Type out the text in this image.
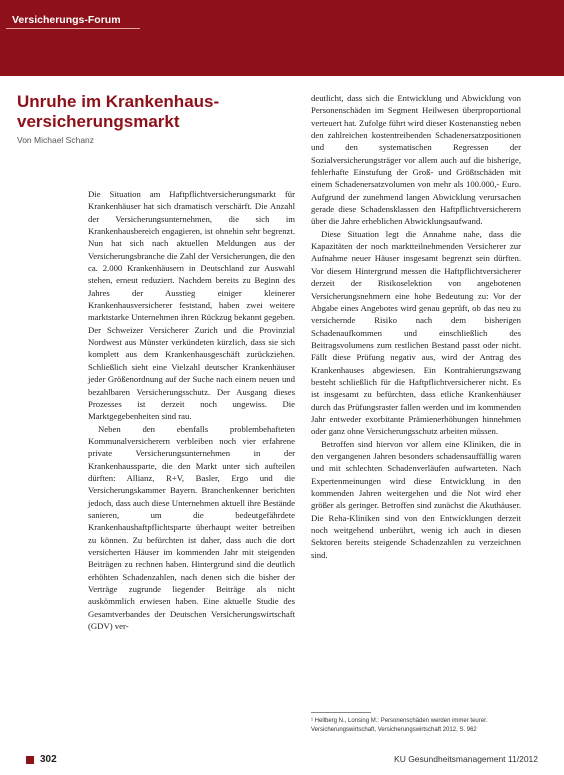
Versicherungs-Forum
Unruhe im Krankenhaus-versicherungsmarkt

Von Michael Schanz

Die Situation am Haftpflichtversicherungsmarkt für Krankenhäuser hat sich dramatisch verschärft. Die Anzahl der Versicherungsunternehmen, die sich im Krankenhausbereich engagieren, ist ohnehin sehr begrenzt. Nun hat sich nach aktuellen Meldungen aus der Versicherungsbranche die Zahl der Versicherungen, die den ca. 2.000 Krankenhäusern in Deutschland zur Auswahl stehen, erneut reduziert. Nachdem bereits zu Beginn des Jahres der Ausstieg einiger kleinerer Krankenhausversicherer feststand, haben zwei weitere marktstarke Unternehmen ihren Rückzug bekannt gegeben. Der Schweizer Versicherer Zurich und die Provinzial Nordwest aus Münster verkündeten kürzlich, dass sie sich komplett aus dem Krankenhausgeschäft zurückziehen. Schließlich sieht eine Vielzahl deutscher Krankenhäuser jeder Größenordnung auf der Suche nach einem neuen und bezahlbaren Versicherungsschutz. Der Ausgang dieses Prozesses ist derzeit noch ungewiss. Die Marktgegebenheiten sind rau.

Neben den ebenfalls problembehafteten Kommunalversicherern verbleiben noch vier erfahrene private Versicherungsunternehmen in der Krankenhaussparte, die den Markt unter sich aufteilen dürften: Allianz, R+V, Basler, Ergo und die Versicherungskammer Bayern. Branchenkenner berichten jedoch, dass auch diese Unternehmen aktuell ihre Bestände sanieren, um die bedeutgefährdete Krankenhaushaftpflichtsparte überhaupt weiter betreiben zu können. Zu befürchten ist daher, dass auch die dort versicherten Häuser im kommenden Jahr mit steigenden Beiträgen zu rechnen haben. Hintergrund sind die deutlich erhöhten Schadenzahlen, nach denen sich die bisher der Verträge zugrunde liegender Beiträge als nicht auskömmlich erwiesen haben. Eine aktuelle Studie des Gesamtverbandes der Deutschen Versicherungswirtschaft (GDV) ver-

deutlicht, dass sich die Entwicklung und Abwicklung von Personenschäden im Segment Heilwesen überproportional verteuert hat. Zufolge führt wird dieser Kostenanstieg neben den zahlreichen kostentreibenden Schadenersatzpositionen und den systematischen Regressen der Sozialversicherungsträger vor allem auch auf die bisherige, fehlerhafte Einstufung der Groß- und Größtschäden mit einem Schadenersatzvolumen von mehr als 100.000,- Euro. Aufgrund der zunehmend langen Abwicklung verursachen gerade diese Schadensklassen den Haftpflichtversicherern über die Jahre erheblichen Abwicklungsaufwand.

Diese Situation legt die Annahme nahe, dass die Kapazitäten der noch marktteilnehmenden Versicherer zur Aufnahme neuer Häuser insgesamt begrenzt sein dürften. Vor diesem Hintergrund messen die Haftpflichtversicherer derzeit der Risikoselektion von angebotenen Versicherungsnehmern eine hohe Bedeutung zu: Vor der Abgabe eines Angebotes wird genau geprüft, ob das neu zu versichernde Risiko nach dem bisherigen Schadenaufkommen und einschließlich des Beitragsvolumens zum restlichen Bestand passt oder nicht. Fällt diese Prüfung negativ aus, wird der Antrag des Krankenhauses abgewiesen. Ein Kontrahierungszwang besteht schließlich für die Haftpflichtversicherer nicht. Es ist insgesamt zu befürchten, dass etliche Krankenhäuser durch das Prüfungsraster fallen werden und im kommenden Jahr entweder exorbitante Prämienerhöhungen hinnehmen oder ganz ohne Versicherungsschutz arbeiten müssen.

Betroffen sind hiervon vor allem eine Kliniken, die in den vergangenen Jahren besonders schadensauffällig waren und mit schlechten Schadenverläufen aufwarteten. Nach Expertenmeinungen wird diese Entwicklung in den kommenden Jahren weitergehen und die Not wird eher größer als geringer. Betroffen sind zunächst die Akuthäuser. Die Reha-Kliniken sind von den Entwicklungen derzeit noch weitgehend unberührt, wenig ich auch in diesen Sektoren bereits steigende Schadenzahlen zu verzeichnen sind.

¹ Hellberg N., Lonsing M.: Personenschäden werden immer teurer. Versicherungswirtschaft, Versicherungswirtschaft 2012, S. 962

302	KU Gesundheitsmanagement 11/2012
